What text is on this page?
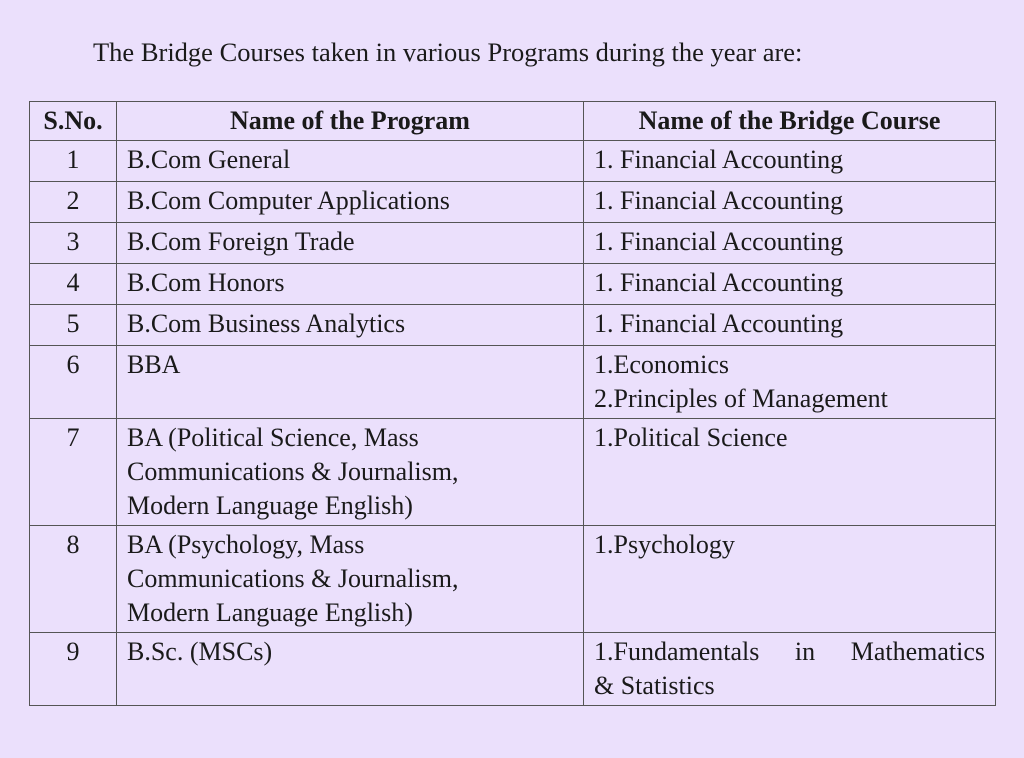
The Bridge Courses taken in various Programs during the year are:
S.No.	Name of the Program	Name of the Bridge Course
1	B.Com General	1. Financial Accounting

2	B.Com Computer Applications	1. Financial Accounting

3	B.Com Foreign Trade	1. Financial Accounting

4	B.Com Honors	1. Financial Accounting

5	B.Com Business Analytics	1. Financial Accounting

6	BBA	1.Economics
2.Principles of Management

7	BA (Political Science, Mass
Communications & Journalism,
Modern Language English)	1.Political Science

8	BA (Psychology, Mass
Communications & Journalism,
Modern Language English)	1.Psychology

9	B.Sc. (MSCs)	1.Fundamentals in Mathematics
& Statistics
